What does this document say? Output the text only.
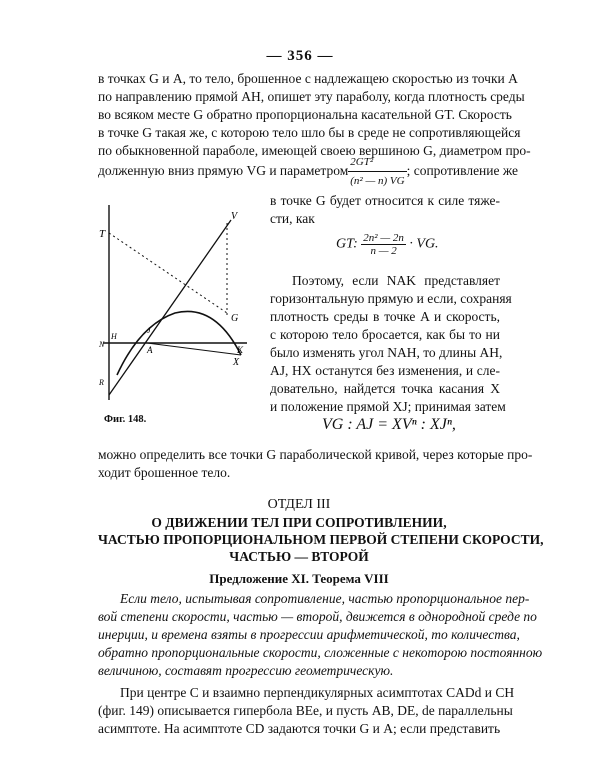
— 356 —
в точках G и A, то тело, брошенное с надлежащею скоростью из точки A
по направлению прямой AH, опишет эту параболу, когда плотность среды
во всяком месте G обратно пропорциональна касательной GT. Скорость
в точке G такая же, с которою тело шло бы в среде не сопротивляющейся
по обыкновенной параболе, имеющей своею вершиною G, диаметром про-
долженную вниз прямую VG и параметром $\frac{\text{2GT²}}{\text{(n² — n) VG}}$ ; сопротивление же
в точке G будет относится к силе тяже-
сти, как
GT: $\frac{\text{2n² — 2n}}{n — 2}$ · VG.
Поэтому, если NAK представляет
горизонтальную прямую и если, сохраняя
плотность среды в точке A и скорость,
с которою тело бросается, как бы то ни
было изменять угол NAH, то длины AH,
AJ, HX останутся без изменения, и сле-
довательно, найдется точка касания X
и положение прямой XJ; принимая затем
VG : AJ = XVⁿ : XJⁿ,
T
V
G
H
J
N
A	K
X
R
Фиг. 148.
можно определить все точки G параболической кривой, через которые про-
ходит брошенное тело.
ОТДЕЛ III
О ДВИЖЕНИИ ТЕЛ ПРИ СОПРОТИВЛЕНИИ,
ЧАСТЬЮ ПРОПОРЦИОНАЛЬНОМ ПЕРВОЙ СТЕПЕНИ СКОРОСТИ,
ЧАСТЬЮ — ВТОРОЙ
Предложение XI. Теорема VIII
Если тело, испытывая сопротивление, частью пропорциональное пер-
вой степени скорости, частью — второй, движется в однородной среде по
инерции, и времена взяты в прогрессии арифметической, то количества,
обратно пропорциональные скорости, сложенные с некоторою постоянною
величиною, составят прогрессию геометрическую.
При центре C и взаимно перпендикулярных асимптотах CADd и CH
(фиг. 149) описывается гипербола BEe, и пусть AB, DE, de параллельны
асимптоте. На асимптоте CD задаются точки G и A; если представить
